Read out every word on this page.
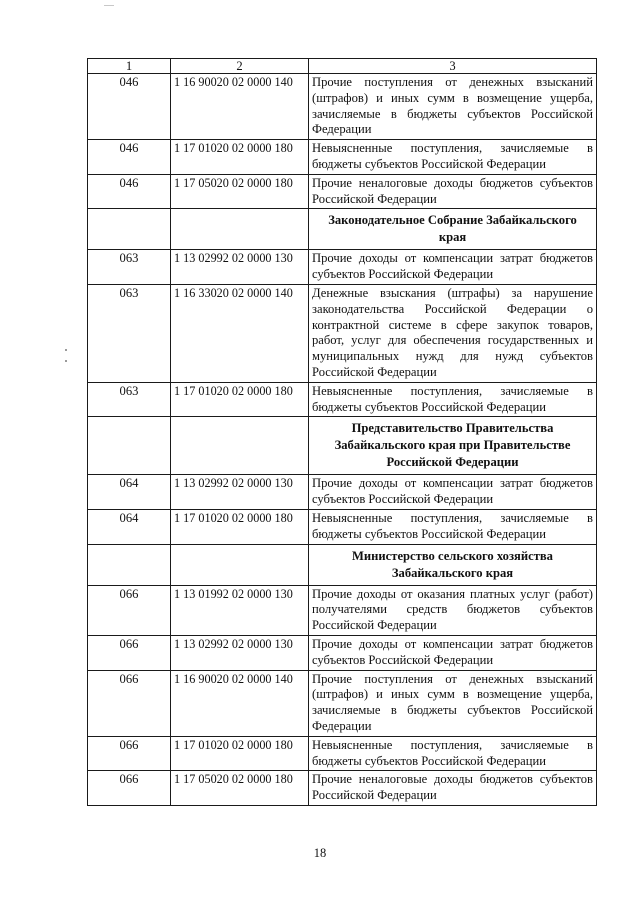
1	2	3
046	1 16 90020 02 0000 140	Прочие поступления от денежных взысканий (штрафов) и иных сумм в возмещение ущерба, зачисляемые в бюджеты субъектов Российской Федерации
046	1 17 01020 02 0000 180	Невыясненные поступления, зачисляемые в бюджеты субъектов Российской Федерации
046	1 17 05020 02 0000 180	Прочие неналоговые доходы бюджетов субъектов Российской Федерации
		Законодательное Собрание Забайкальского края
063	1 13 02992 02 0000 130	Прочие доходы от компенсации затрат бюджетов субъектов Российской Федерации
063	1 16 33020 02 0000 140	Денежные взыскания (штрафы) за нарушение законодательства Российской Федерации о контрактной системе в сфере закупок товаров, работ, услуг для обеспечения государственных и муниципальных нужд для нужд субъектов Российской Федерации
063	1 17 01020 02 0000 180	Невыясненные поступления, зачисляемые в бюджеты субъектов Российской Федерации
		Представительство Правительства Забайкальского края при Правительстве Российской Федерации
064	1 13 02992 02 0000 130	Прочие доходы от компенсации затрат бюджетов субъектов Российской Федерации
064	1 17 01020 02 0000 180	Невыясненные поступления, зачисляемые в бюджеты субъектов Российской Федерации
		Министерство сельского хозяйства Забайкальского края
066	1 13 01992 02 0000 130	Прочие доходы от оказания платных услуг (работ) получателями средств бюджетов субъектов Российской Федерации
066	1 13 02992 02 0000 130	Прочие доходы от компенсации затрат бюджетов субъектов Российской Федерации
066	1 16 90020 02 0000 140	Прочие поступления от денежных взысканий (штрафов) и иных сумм в возмещение ущерба, зачисляемые в бюджеты субъектов Российской Федерации
066	1 17 01020 02 0000 180	Невыясненные поступления, зачисляемые в бюджеты субъектов Российской Федерации
066	1 17 05020 02 0000 180	Прочие неналоговые доходы бюджетов субъектов Российской Федерации
18
